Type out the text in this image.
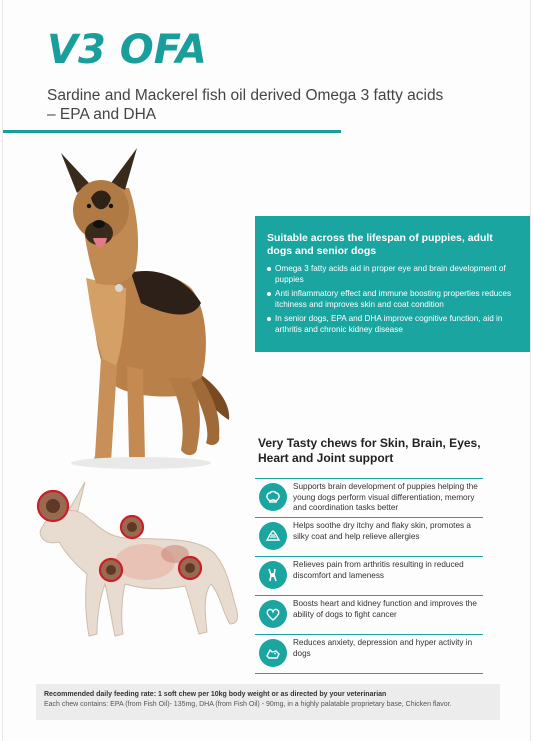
V3 OFA

Sardine and Mackerel fish oil derived Omega 3 fatty acids – EPA and DHA

Suitable across the lifespan of puppies, adult dogs and senior dogs
Omega 3 fatty acids aid in proper eye and brain development of puppies
Anti inflammatory effect and immune boosting properties reduces itchiness and improves skin and coat condition
In senior dogs, EPA and DHA improve cognitive function, aid in arthritis and chronic kidney disease
Very Tasty chews for Skin, Brain, Eyes, Heart and Joint support
Supports brain development of puppies helping the young dogs perform visual differentiation, memory and coordination tasks better
Helps soothe dry itchy and flaky skin, promotes a silky coat and help relieve allergies
Relieves pain from arthritis resulting in reduced discomfort and lameness
Boosts heart and kidney function and improves the ability of dogs to fight cancer
Reduces anxiety, depression and hyper activity in dogs
Recommended daily feeding rate: 1 soft chew per 10kg body weight or as directed by your veterinarian
Each chew contains: EPA (from Fish Oil)- 135mg, DHA (from Fish Oil) - 90mg, in a highly palatable proprietary base, Chicken flavor.
